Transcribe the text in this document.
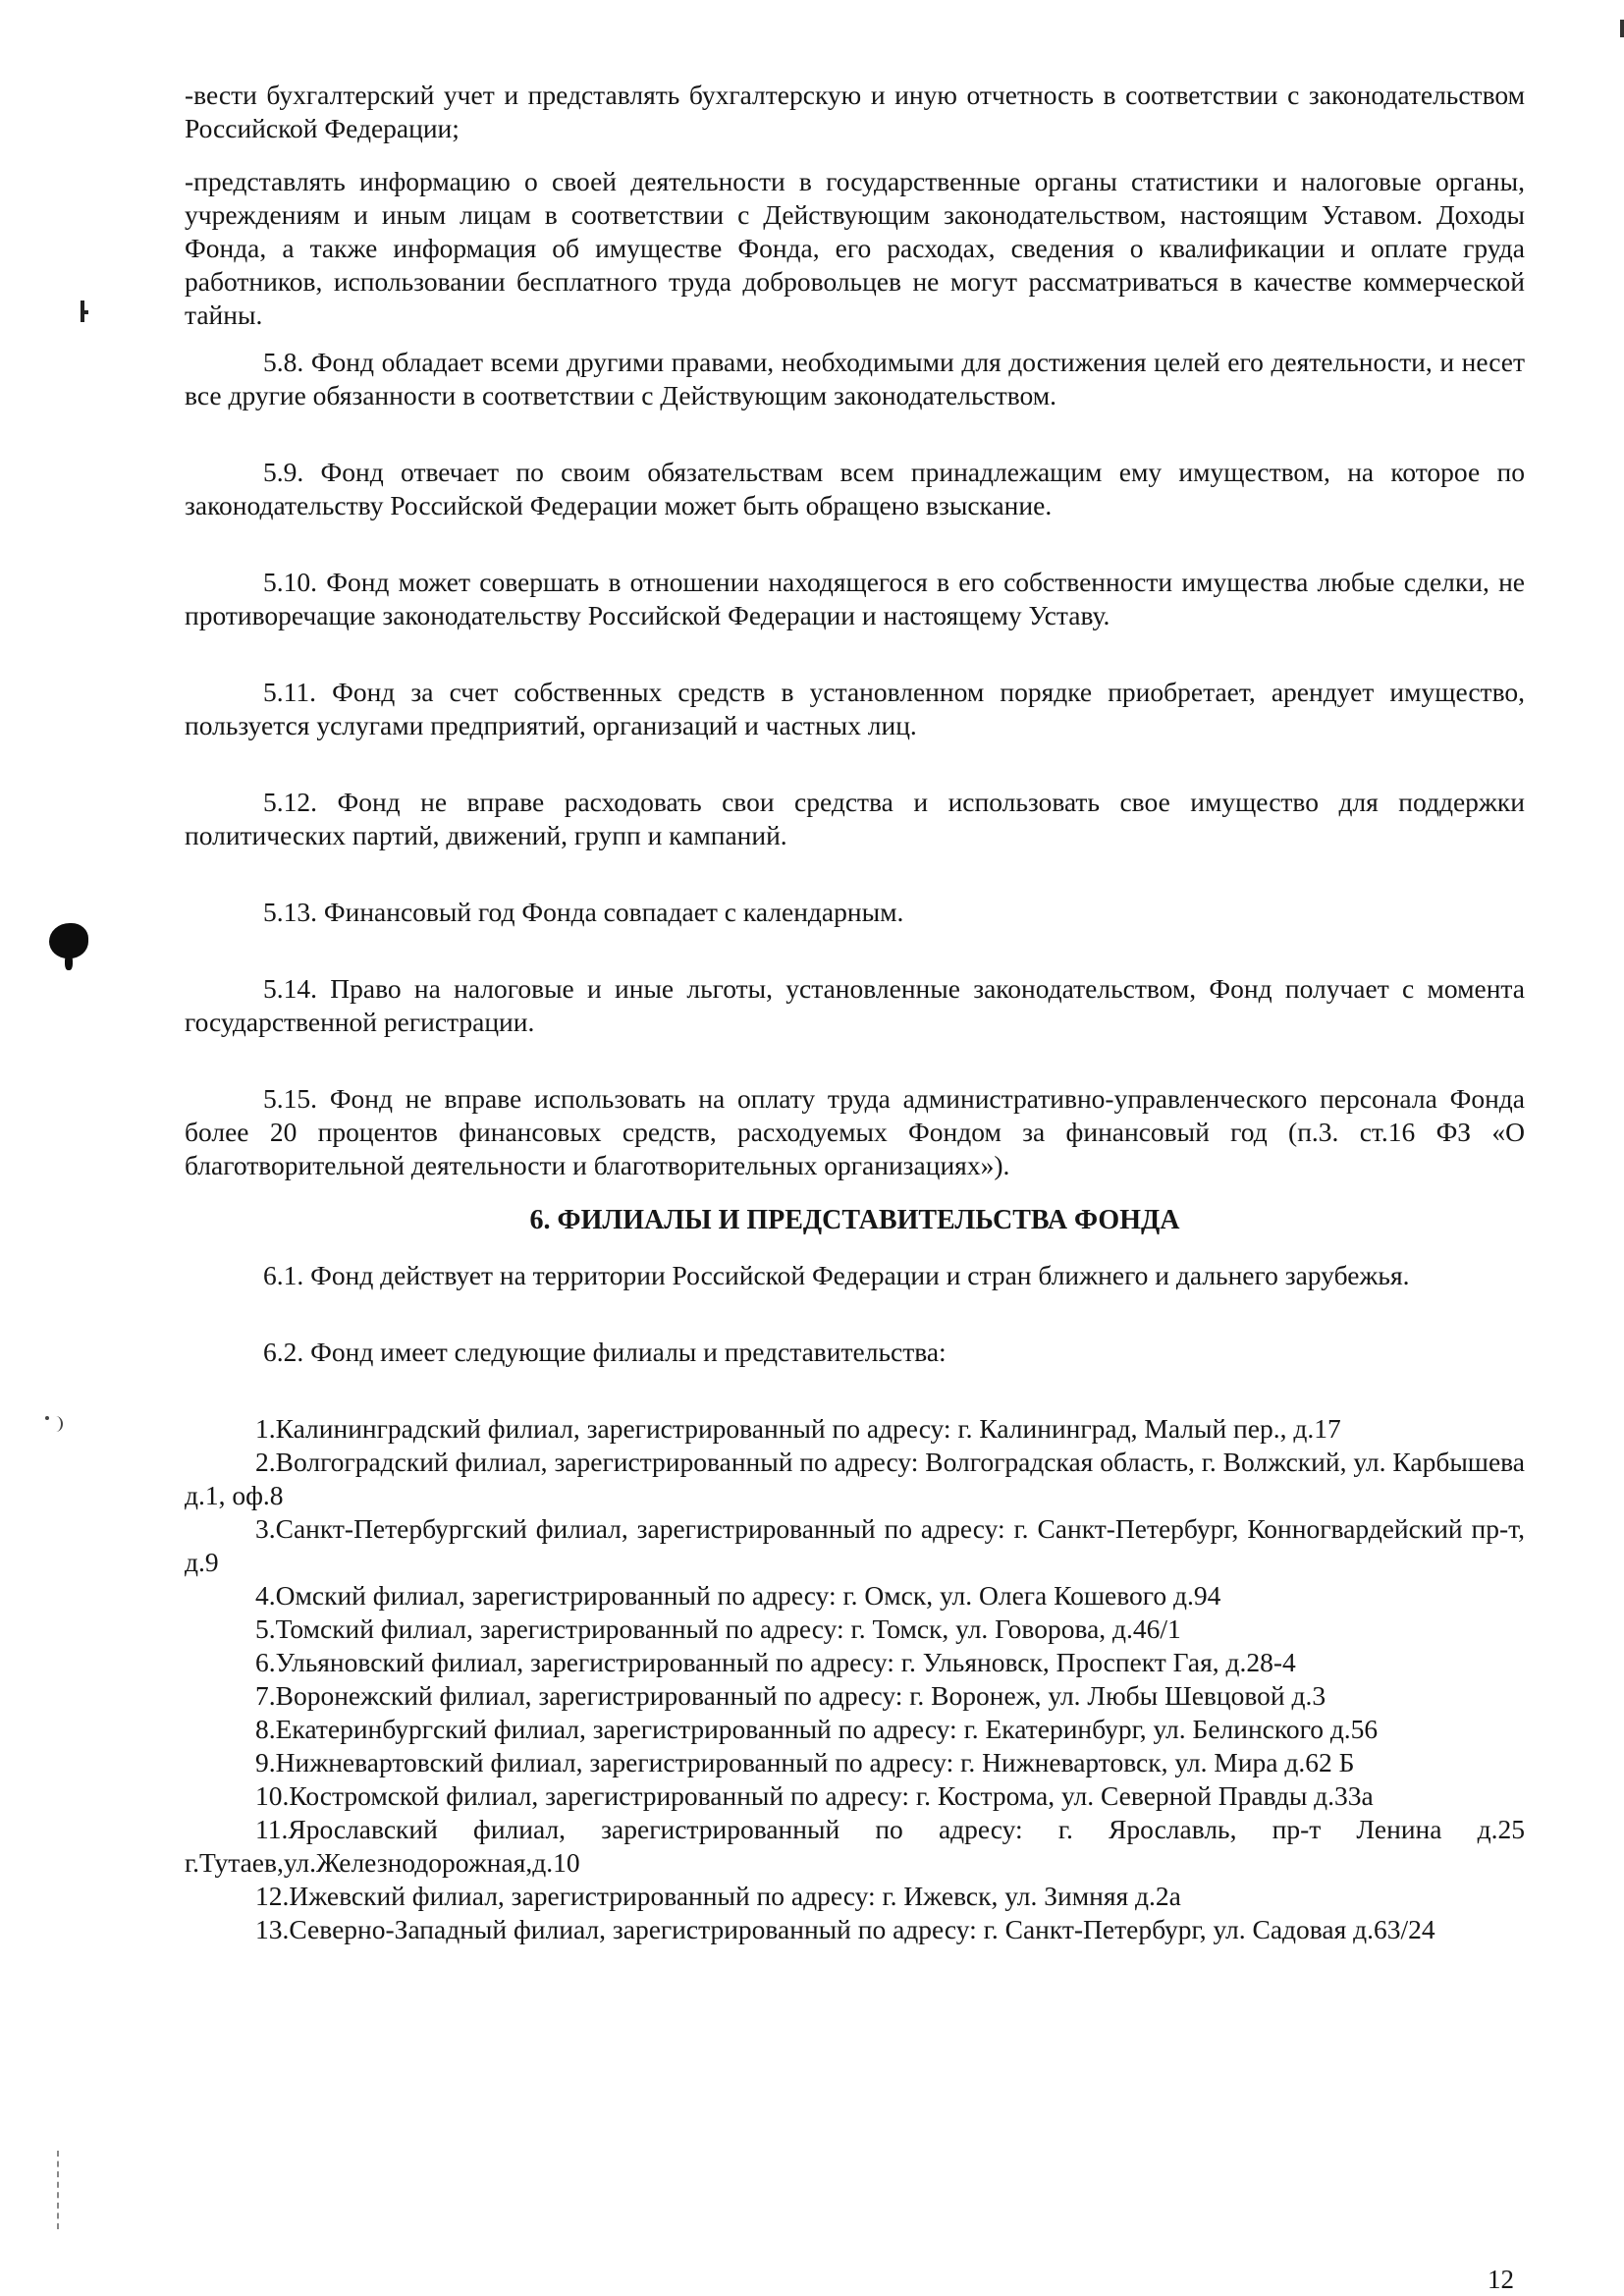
-вести бухгалтерский учет и представлять бухгалтерскую и иную отчетность в соответствии с законодательством Российской Федерации;

-представлять информацию о своей деятельности в государственные органы статистики и налоговые органы, учреждениям и иным лицам в соответствии с Действующим законодательством, настоящим Уставом. Доходы Фонда, а также информация об имуществе Фонда, его расходах, сведения о квалификации и оплате груда работников, использовании бесплатного труда добровольцев не могут рассматриваться в качестве коммерческой тайны.

5.8. Фонд обладает всеми другими правами, необходимыми для достижения целей его деятельности, и несет все другие обязанности в соответствии с Действующим законодательством.

5.9. Фонд отвечает по своим обязательствам всем принадлежащим ему имуществом, на которое по законодательству Российской Федерации может быть обращено взыскание.

5.10. Фонд может совершать в отношении находящегося в его собственности имущества любые сделки, не противоречащие законодательству Российской Федерации и настоящему Уставу.

5.11. Фонд за счет собственных средств в установленном порядке приобретает, арендует имущество, пользуется услугами предприятий, организаций и частных лиц.

5.12. Фонд не вправе расходовать свои средства и использовать свое имущество для поддержки политических партий, движений, групп и кампаний.

5.13. Финансовый год Фонда совпадает с календарным.

5.14. Право на налоговые и иные льготы, установленные законодательством, Фонд получает с момента государственной регистрации.

5.15. Фонд не вправе использовать на оплату труда административно-управленческого персонала Фонда более 20 процентов финансовых средств, расходуемых Фондом за финансовый год (п.3. ст.16 ФЗ «О благотворительной деятельности и благотворительных организациях»).

6. ФИЛИАЛЫ И ПРЕДСТАВИТЕЛЬСТВА ФОНДА

6.1. Фонд действует на территории Российской Федерации и стран ближнего и дальнего зарубежья.

6.2. Фонд имеет следующие филиалы и представительства:

1.Калининградский филиал, зарегистрированный по адресу: г. Калининград, Малый пер., д.17

2.Волгоградский филиал, зарегистрированный по адресу: Волгоградская область, г. Волжский, ул. Карбышева д.1, оф.8

3.Санкт-Петербургский филиал, зарегистрированный по адресу: г. Санкт-Петербург, Конногвардейский пр-т, д.9

4.Омский филиал, зарегистрированный по адресу: г. Омск, ул. Олега Кошевого д.94

5.Томский филиал, зарегистрированный по адресу: г. Томск, ул. Говорова, д.46/1

6.Ульяновский филиал, зарегистрированный по адресу: г. Ульяновск, Проспект Гая, д.28-4

7.Воронежский филиал, зарегистрированный по адресу: г. Воронеж, ул. Любы Шевцовой д.3

8.Екатеринбургский филиал, зарегистрированный по адресу: г. Екатеринбург, ул. Белинского д.56

9.Нижневартовский филиал, зарегистрированный по адресу: г. Нижневартовск, ул. Мира д.62 Б

10.Костромской филиал, зарегистрированный по адресу: г. Кострома, ул. Северной Правды д.33а

11.Ярославский филиал, зарегистрированный по адресу: г. Ярославль, пр-т Ленина д.25 г.Тутаев,ул.Железнодорожная,д.10

12.Ижевский филиал, зарегистрированный по адресу: г. Ижевск, ул. Зимняя д.2а

13.Северно-Западный филиал, зарегистрированный по адресу: г. Санкт-Петербург, ул. Садовая д.63/24

12
